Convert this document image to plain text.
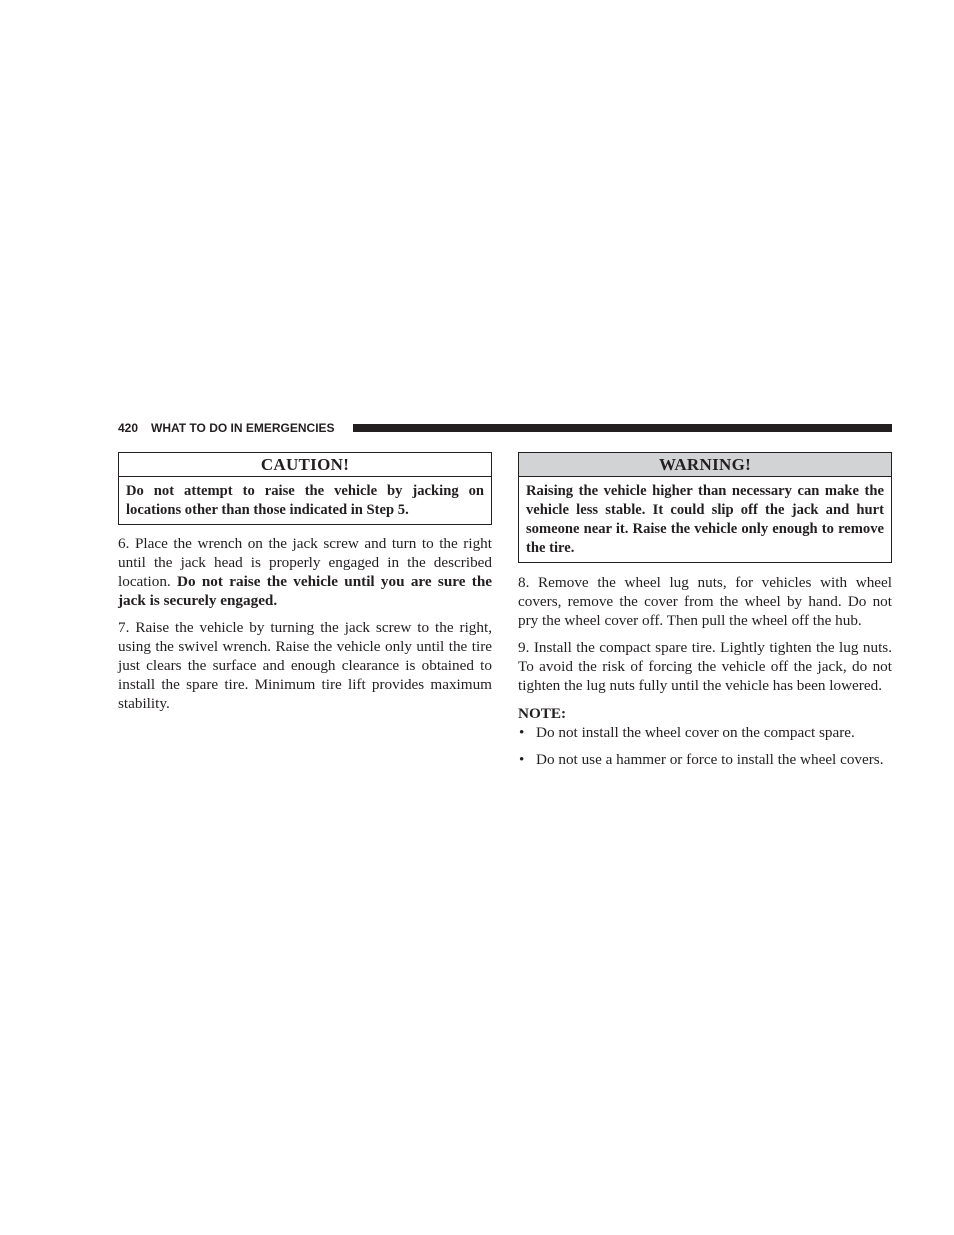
420 WHAT TO DO IN EMERGENCIES
CAUTION!
Do not attempt to raise the vehicle by jacking on locations other than those indicated in Step 5.

6. Place the wrench on the jack screw and turn to the right until the jack head is properly engaged in the described location. Do not raise the vehicle until you are sure the jack is securely engaged.

7. Raise the vehicle by turning the jack screw to the right, using the swivel wrench. Raise the vehicle only until the tire just clears the surface and enough clearance is obtained to install the spare tire. Minimum tire lift provides maximum stability.

WARNING!
Raising the vehicle higher than necessary can make the vehicle less stable. It could slip off the jack and hurt someone near it. Raise the vehicle only enough to remove the tire.

8. Remove the wheel lug nuts, for vehicles with wheel covers, remove the cover from the wheel by hand. Do not pry the wheel cover off. Then pull the wheel off the hub.

9. Install the compact spare tire. Lightly tighten the lug nuts. To avoid the risk of forcing the vehicle off the jack, do not tighten the lug nuts fully until the vehicle has been lowered.

NOTE:
• Do not install the wheel cover on the compact spare.
• Do not use a hammer or force to install the wheel covers.
